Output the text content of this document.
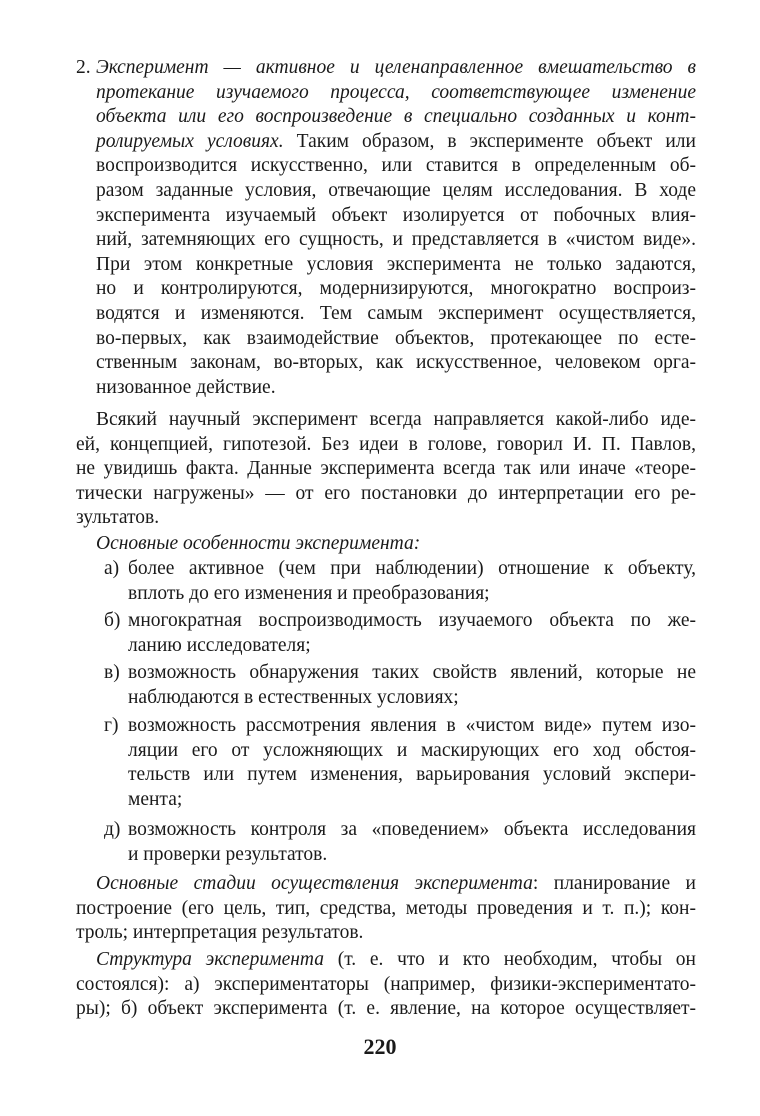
2. Эксперимент — активное и целенаправленное вмешательство в
протекание изучаемого процесса, соответствующее изменение
объекта или его воспроизведение в специально созданных и конт-
ролируемых условиях. Таким образом, в эксперименте объект или
воспроизводится искусственно, или ставится в определенным об-
разом заданные условия, отвечающие целям исследования. В ходе
эксперимента изучаемый объект изолируется от побочных влия-
ний, затемняющих его сущность, и представляется в «чистом виде».
При этом конкретные условия эксперимента не только задаются,
но и контролируются, модернизируются, многократно воспроиз-
водятся и изменяются. Тем самым эксперимент осуществляется,
во-первых, как взаимодействие объектов, протекающее по есте-
ственным законам, во-вторых, как искусственное, человеком орга-
низованное действие.
Всякий научный эксперимент всегда направляется какой-либо иде-
ей, концепцией, гипотезой. Без идеи в голове, говорил И. П. Павлов,
не увидишь факта. Данные эксперимента всегда так или иначе «теоре-
тически нагружены» — от его постановки до интерпретации его ре-
зультатов.
Основные особенности эксперимента:
а) более активное (чем при наблюдении) отношение к объекту,
вплоть до его изменения и преобразования;
б) многократная воспроизводимость изучаемого объекта по же-
ланию исследователя;
в) возможность обнаружения таких свойств явлений, которые не
наблюдаются в естественных условиях;
г) возможность рассмотрения явления в «чистом виде» путем изо-
ляции его от усложняющих и маскирующих его ход обстоя-
тельств или путем изменения, варьирования условий экспери-
мента;
д) возможность контроля за «поведением» объекта исследования
и проверки результатов.
Основные стадии осуществления эксперимента: планирование и
построение (его цель, тип, средства, методы проведения и т. п.); кон-
троль; интерпретация результатов.
Структура эксперимента (т. е. что и кто необходим, чтобы он
состоялся): а) экспериментаторы (например, физики-экспериментато-
ры); б) объект эксперимента (т. е. явление, на которое осуществляет-
220
